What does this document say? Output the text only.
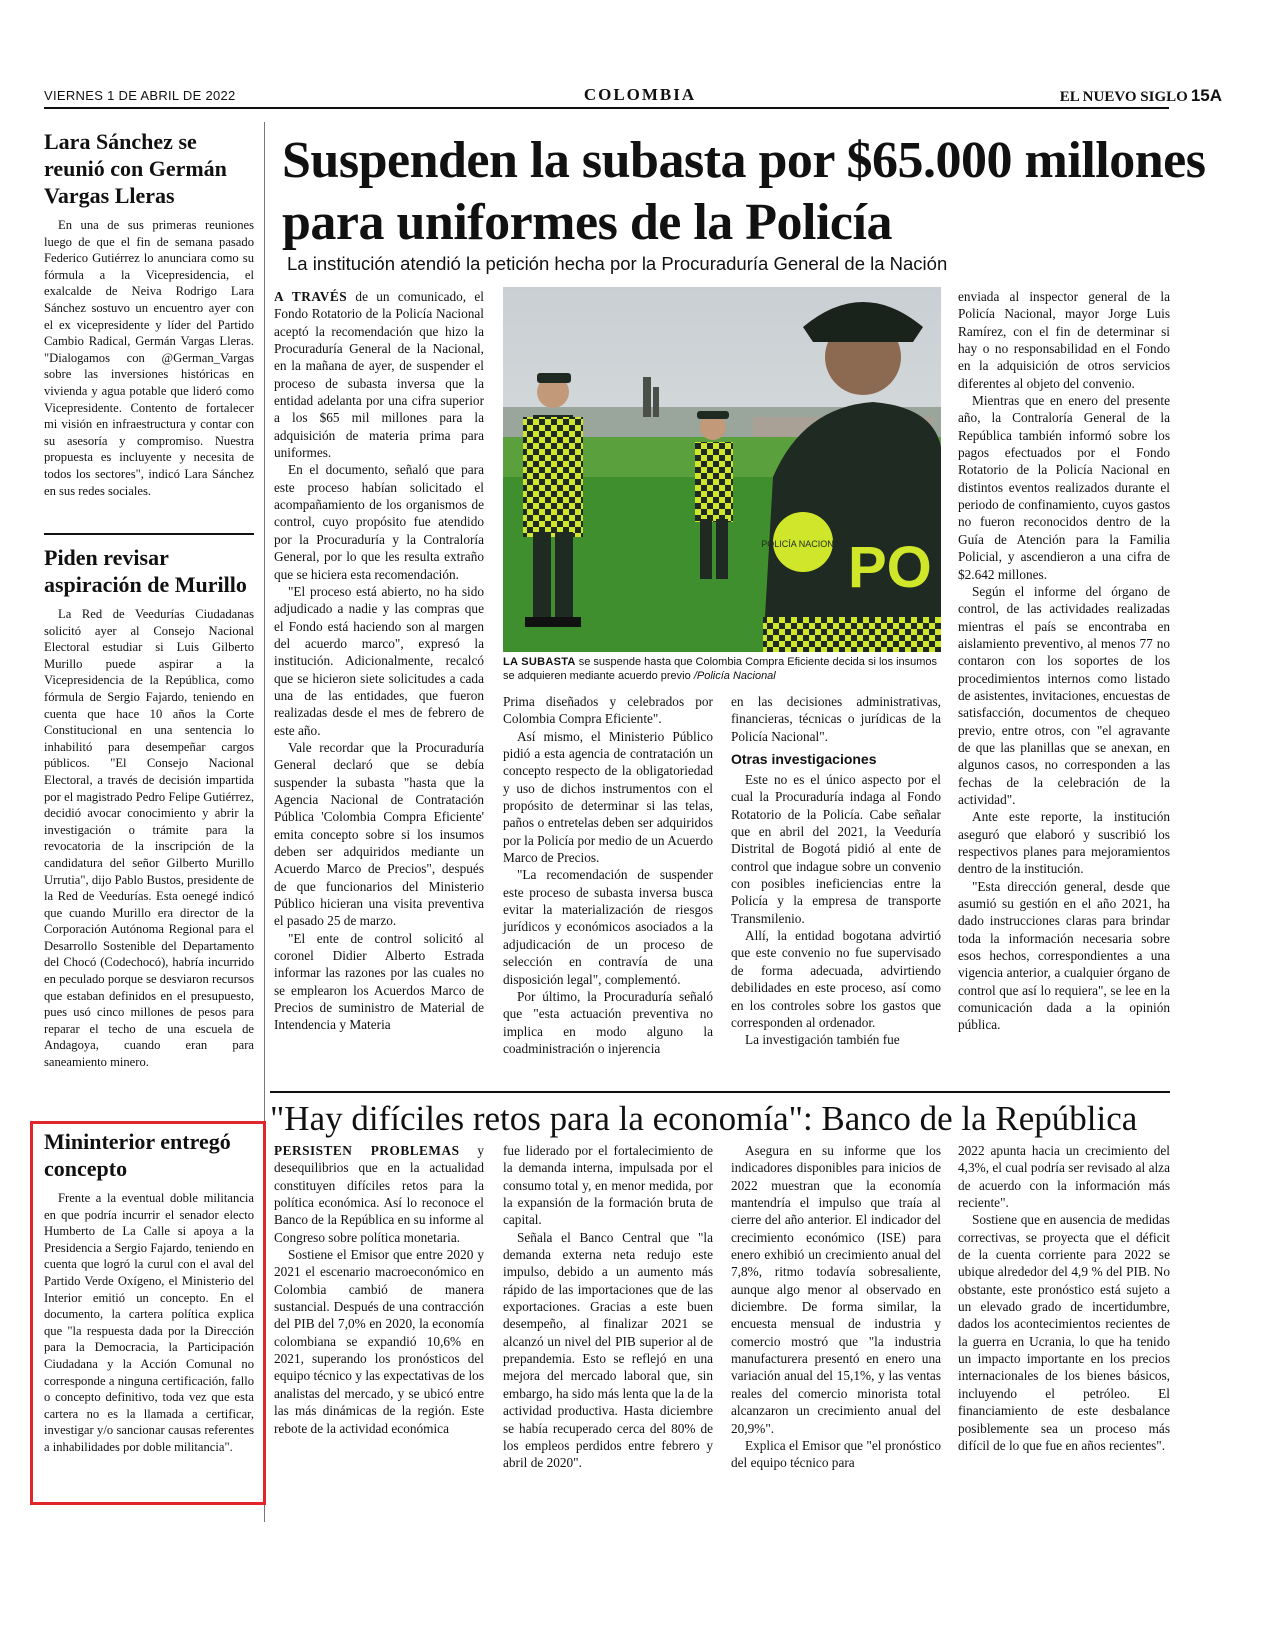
VIERNES 1 DE ABRIL DE 2022	COLOMBIA	EL NUEVO SIGLO 15A
Lara Sánchez se reunió con Germán Vargas Lleras

En una de sus primeras reuniones luego de que el fin de semana pasado Federico Gutiérrez lo anunciara como su fórmula a la Vicepresidencia, el exalcalde de Neiva Rodrigo Lara Sánchez sostuvo un encuentro ayer con el ex vicepresidente y líder del Partido Cambio Radical, Germán Vargas Lleras. "Dialogamos con @German_Vargas sobre las inversiones históricas en vivienda y agua potable que lideró como Vicepresidente. Contento de fortalecer mi visión en infraestructura y contar con su asesoría y compromiso. Nuestra propuesta es incluyente y necesita de todos los sectores", indicó Lara Sánchez en sus redes sociales.

Piden revisar aspiración de Murillo

La Red de Veedurías Ciudadanas solicitó ayer al Consejo Nacional Electoral estudiar si Luis Gilberto Murillo puede aspirar a la Vicepresidencia de la República, como fórmula de Sergio Fajardo, teniendo en cuenta que hace 10 años la Corte Constitucional en una sentencia lo inhabilitó para desempeñar cargos públicos. "El Consejo Nacional Electoral, a través de decisión impartida por el magistrado Pedro Felipe Gutiérrez, decidió avocar conocimiento y abrir la investigación o trámite para la revocatoria de la inscripción de la candidatura del señor Gilberto Murillo Urrutia", dijo Pablo Bustos, presidente de la Red de Veedurías. Esta oenegé indicó que cuando Murillo era director de la Corporación Autónoma Regional para el Desarrollo Sostenible del Departamento del Chocó (Codechocó), habría incurrido en peculado porque se desviaron recursos que estaban definidos en el presupuesto, pues usó cinco millones de pesos para reparar el techo de una escuela de Andagoya, cuando eran para saneamiento minero.

Mininterior entregó concepto

Frente a la eventual doble militancia en que podría incurrir el senador electo Humberto de La Calle si apoya a la Presidencia a Sergio Fajardo, teniendo en cuenta que logró la curul con el aval del Partido Verde Oxígeno, el Ministerio del Interior emitió un concepto. En el documento, la cartera política explica que "la respuesta dada por la Dirección para la Democracia, la Participación Ciudadana y la Acción Comunal no corresponde a ninguna certificación, fallo o concepto definitivo, toda vez que esta cartera no es la llamada a certificar, investigar y/o sancionar causas referentes a inhabilidades por doble militancia".

Suspenden la subasta por $65.000 millones para uniformes de la Policía
La institución atendió la petición hecha por la Procuraduría General de la Nación

A TRAVÉS de un comunicado, el Fondo Rotatorio de la Policía Nacional aceptó la recomendación que hizo la Procuraduría General de la Nacional, en la mañana de ayer, de suspender el proceso de subasta inversa que la entidad adelanta por una cifra superior a los $65 mil millones para la adquisición de materia prima para uniformes.

En el documento, señaló que para este proceso habían solicitado el acompañamiento de los organismos de control, cuyo propósito fue atendido por la Procuraduría y la Contraloría General, por lo que les resulta extraño que se hiciera esta recomendación.

"El proceso está abierto, no ha sido adjudicado a nadie y las compras que el Fondo está haciendo son al margen del acuerdo marco", expresó la institución. Adicionalmente, recalcó que se hicieron siete solicitudes a cada una de las entidades, que fueron realizadas desde el mes de febrero de este año.

Vale recordar que la Procuraduría General declaró que se debía suspender la subasta "hasta que la Agencia Nacional de Contratación Pública 'Colombia Compra Eficiente' emita concepto sobre si los insumos deben ser adquiridos mediante un Acuerdo Marco de Precios", después de que funcionarios del Ministerio Público hicieran una visita preventiva el pasado 25 de marzo.

"El ente de control solicitó al coronel Didier Alberto Estrada informar las razones por las cuales no se emplearon los Acuerdos Marco de Precios de suministro de Material de Intendencia y Materia

POLICÍA NACIONAL PO
LA SUBASTA se suspende hasta que Colombia Compra Eficiente decida si los insumos se adquieren mediante acuerdo previo /Policía Nacional

Prima diseñados y celebrados por Colombia Compra Eficiente".

Así mismo, el Ministerio Público pidió a esta agencia de contratación un concepto respecto de la obligatoriedad y uso de dichos instrumentos con el propósito de determinar si las telas, paños o entretelas deben ser adquiridos por la Policía por medio de un Acuerdo Marco de Precios.

"La recomendación de suspender este proceso de subasta inversa busca evitar la materialización de riesgos jurídicos y económicos asociados a la adjudicación de un proceso de selección en contravía de una disposición legal", complementó.

Por último, la Procuraduría señaló que "esta actuación preventiva no implica en modo alguno la coadministración o injerencia

en las decisiones administrativas, financieras, técnicas o jurídicas de la Policía Nacional".

Otras investigaciones

Este no es el único aspecto por el cual la Procuraduría indaga al Fondo Rotatorio de la Policía. Cabe señalar que en abril del 2021, la Veeduría Distrital de Bogotá pidió al ente de control que indague sobre un convenio con posibles ineficiencias entre la Policía y la empresa de transporte Transmilenio.

Allí, la entidad bogotana advirtió que este convenio no fue supervisado de forma adecuada, advirtiendo debilidades en este proceso, así como en los controles sobre los gastos que corresponden al ordenador.

La investigación también fue

enviada al inspector general de la Policía Nacional, mayor Jorge Luis Ramírez, con el fin de determinar si hay o no responsabilidad en el Fondo en la adquisición de otros servicios diferentes al objeto del convenio.

Mientras que en enero del presente año, la Contraloría General de la República también informó sobre los pagos efectuados por el Fondo Rotatorio de la Policía Nacional en distintos eventos realizados durante el periodo de confinamiento, cuyos gastos no fueron reconocidos dentro de la Guía de Atención para la Familia Policial, y ascendieron a una cifra de $2.642 millones.

Según el informe del órgano de control, de las actividades realizadas mientras el país se encontraba en aislamiento preventivo, al menos 77 no contaron con los soportes de los procedimientos internos como listado de asistentes, invitaciones, encuestas de satisfacción, documentos de chequeo previo, entre otros, con "el agravante de que las planillas que se anexan, en algunos casos, no corresponden a las fechas de la celebración de la actividad".

Ante este reporte, la institución aseguró que elaboró y suscribió los respectivos planes para mejoramientos dentro de la institución.

"Esta dirección general, desde que asumió su gestión en el año 2021, ha dado instrucciones claras para brindar toda la información necesaria sobre esos hechos, correspondientes a una vigencia anterior, a cualquier órgano de control que así lo requiera", se lee en la comunicación dada a la opinión pública.

"Hay difíciles retos para la economía": Banco de la República

PERSISTEN PROBLEMAS y desequilibrios que en la actualidad constituyen difíciles retos para la política económica. Así lo reconoce el Banco de la República en su informe al Congreso sobre política monetaria.

Sostiene el Emisor que entre 2020 y 2021 el escenario macroeconómico en Colombia cambió de manera sustancial. Después de una contracción del PIB del 7,0% en 2020, la economía colombiana se expandió 10,6% en 2021, superando los pronósticos del equipo técnico y las expectativas de los analistas del mercado, y se ubicó entre las más dinámicas de la región. Este rebote de la actividad económica

fue liderado por el fortalecimiento de la demanda interna, impulsada por el consumo total y, en menor medida, por la expansión de la formación bruta de capital.

Señala el Banco Central que "la demanda externa neta redujo este impulso, debido a un aumento más rápido de las importaciones que de las exportaciones. Gracias a este buen desempeño, al finalizar 2021 se alcanzó un nivel del PIB superior al de prepandemia. Esto se reflejó en una mejora del mercado laboral que, sin embargo, ha sido más lenta que la de la actividad productiva. Hasta diciembre se había recuperado cerca del 80% de los empleos perdidos entre febrero y abril de 2020".

Asegura en su informe que los indicadores disponibles para inicios de 2022 muestran que la economía mantendría el impulso que traía al cierre del año anterior. El indicador del crecimiento económico (ISE) para enero exhibió un crecimiento anual del 7,8%, ritmo todavía sobresaliente, aunque algo menor al observado en diciembre. De forma similar, la encuesta mensual de industria y comercio mostró que "la industria manufacturera presentó en enero una variación anual del 15,1%, y las ventas reales del comercio minorista total alcanzaron un crecimiento anual del 20,9%".

Explica el Emisor que "el pronóstico del equipo técnico para

2022 apunta hacia un crecimiento del 4,3%, el cual podría ser revisado al alza de acuerdo con la información más reciente".

Sostiene que en ausencia de medidas correctivas, se proyecta que el déficit de la cuenta corriente para 2022 se ubique alrededor del 4,9 % del PIB. No obstante, este pronóstico está sujeto a un elevado grado de incertidumbre, dados los acontecimientos recientes de la guerra en Ucrania, lo que ha tenido un impacto importante en los precios internacionales de los bienes básicos, incluyendo el petróleo. El financiamiento de este desbalance posiblemente sea un proceso más difícil de lo que fue en años recientes".
